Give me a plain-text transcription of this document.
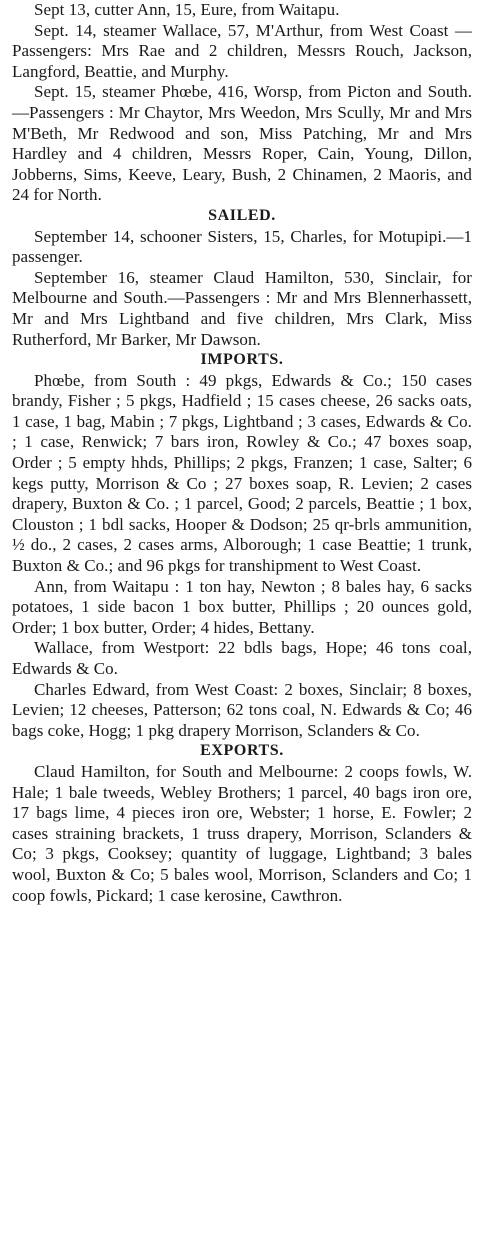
Sept 13, cutter Ann, 15, Eure, from Waitapu.

Sept. 14, steamer Wallace, 57, M'Arthur, from West Coast —Passengers: Mrs Rae and 2 children, Messrs Rouch, Jackson, Langford, Beattie, and Murphy.

Sept. 15, steamer Phœbe, 416, Worsp, from Picton and South.—Passengers : Mr Chaytor, Mrs Weedon, Mrs Scully, Mr and Mrs M'Beth, Mr Redwood and son, Miss Patching, Mr and Mrs Hardley and 4 children, Messrs Roper, Cain, Young, Dillon, Jobberns, Sims, Keeve, Leary, Bush, 2 Chinamen, 2 Maoris, and 24 for North.

SAILED.

September 14, schooner Sisters, 15, Charles, for Motupipi.—1 passenger.

September 16, steamer Claud Hamilton, 530, Sinclair, for Melbourne and South.—Passengers : Mr and Mrs Blennerhassett, Mr and Mrs Lightband and five children, Mrs Clark, Miss Rutherford, Mr Barker, Mr Dawson.

IMPORTS.

Phœbe, from South : 49 pkgs, Edwards & Co.; 150 cases brandy, Fisher ; 5 pkgs, Hadfield ; 15 cases cheese, 26 sacks oats, 1 case, 1 bag, Mabin ; 7 pkgs, Lightband ; 3 cases, Edwards & Co. ; 1 case, Renwick; 7 bars iron, Rowley & Co.; 47 boxes soap, Order ; 5 empty hhds, Phillips; 2 pkgs, Franzen; 1 case, Salter; 6 kegs putty, Morrison & Co ; 27 boxes soap, R. Levien; 2 cases drapery, Buxton & Co. ; 1 parcel, Good; 2 parcels, Beattie ; 1 box, Clouston ; 1 bdl sacks, Hooper & Dodson; 25 qr-brls ammunition, ½ do., 2 cases, 2 cases arms, Alborough; 1 case Beattie; 1 trunk, Buxton & Co.; and 96 pkgs for transhipment to West Coast.

Ann, from Waitapu : 1 ton hay, Newton ; 8 bales hay, 6 sacks potatoes, 1 side bacon 1 box butter, Phillips ; 20 ounces gold, Order; 1 box butter, Order; 4 hides, Bettany.

Wallace, from Westport: 22 bdls bags, Hope; 46 tons coal, Edwards & Co.

Charles Edward, from West Coast: 2 boxes, Sinclair; 8 boxes, Levien; 12 cheeses, Patterson; 62 tons coal, N. Edwards & Co; 46 bags coke, Hogg; 1 pkg drapery Morrison, Sclanders & Co.

EXPORTS.

Claud Hamilton, for South and Melbourne: 2 coops fowls, W. Hale; 1 bale tweeds, Webley Brothers; 1 parcel, 40 bags iron ore, 17 bags lime, 4 pieces iron ore, Webster; 1 horse, E. Fowler; 2 cases straining brackets, 1 truss drapery, Morrison, Sclanders & Co; 3 pkgs, Cooksey; quantity of luggage, Lightband; 3 bales wool, Buxton & Co; 5 bales wool, Morrison, Sclanders and Co; 1 coop fowls, Pickard; 1 case kerosine, Cawthron.
